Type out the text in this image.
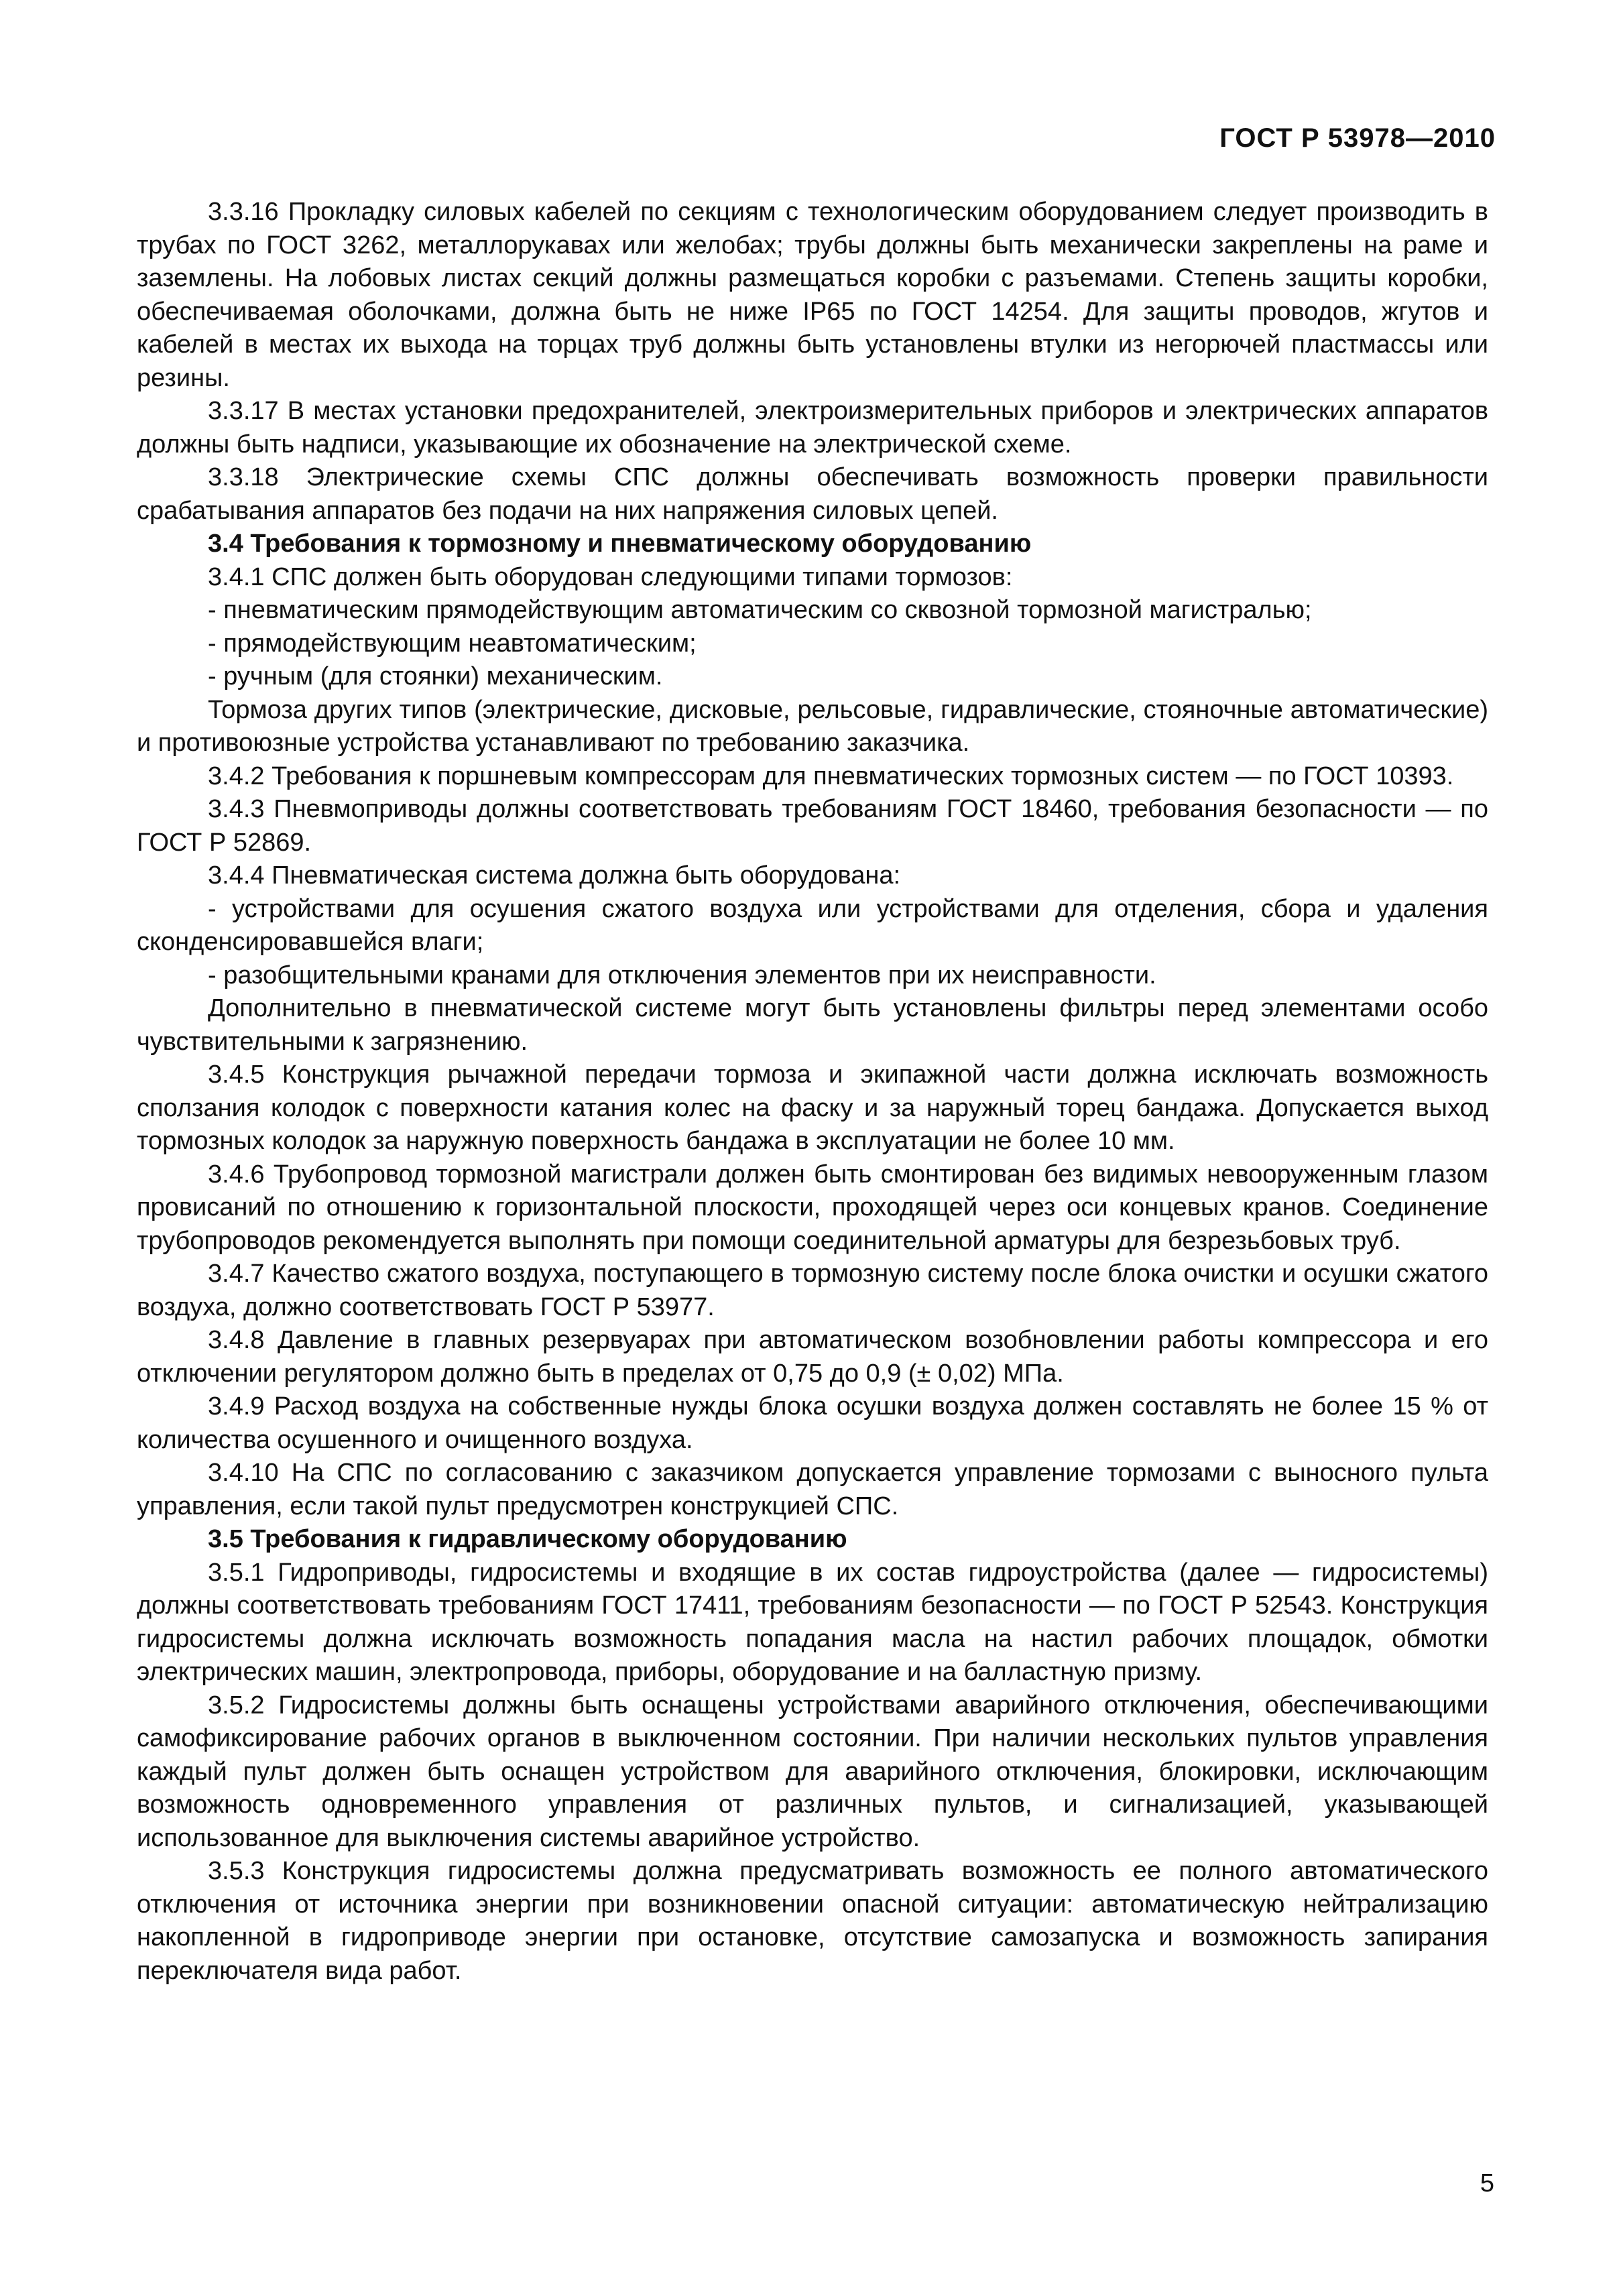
ГОСТ Р 53978—2010

3.3.16 Прокладку силовых кабелей по секциям с технологическим оборудованием следует производить в трубах по ГОСТ 3262, металлорукавах или желобах; трубы должны быть механически закреплены на раме и заземлены. На лобовых листах секций должны размещаться коробки с разъемами. Степень защиты коробки, обеспечиваемая оболочками, должна быть не ниже IP65 по ГОСТ 14254. Для защиты проводов, жгутов и кабелей в местах их выхода на торцах труб должны быть установлены втулки из негорючей пластмассы или резины.

3.3.17 В местах установки предохранителей, электроизмерительных приборов и электрических аппаратов должны быть надписи, указывающие их обозначение на электрической схеме.

3.3.18 Электрические схемы СПС должны обеспечивать возможность проверки правильности срабатывания аппаратов без подачи на них напряжения силовых цепей.

3.4 Требования к тормозному и пневматическому оборудованию

3.4.1 СПС должен быть оборудован следующими типами тормозов:

- пневматическим прямодействующим автоматическим со сквозной тормозной магистралью;

- прямодействующим неавтоматическим;

- ручным (для стоянки) механическим.

Тормоза других типов (электрические, дисковые, рельсовые, гидравлические, стояночные автоматические) и противоюзные устройства устанавливают по требованию заказчика.

3.4.2 Требования к поршневым компрессорам для пневматических тормозных систем — по ГОСТ 10393.

3.4.3 Пневмоприводы должны соответствовать требованиям ГОСТ 18460, требования безопасности — по ГОСТ Р 52869.

3.4.4 Пневматическая система должна быть оборудована:

- устройствами для осушения сжатого воздуха или устройствами для отделения, сбора и удаления сконденсировавшейся влаги;

- разобщительными кранами для отключения элементов при их неисправности.

Дополнительно в пневматической системе могут быть установлены фильтры перед элементами особо чувствительными к загрязнению.

3.4.5 Конструкция рычажной передачи тормоза и экипажной части должна исключать возможность сползания колодок с поверхности катания колес на фаску и за наружный торец бандажа. Допускается выход тормозных колодок за наружную поверхность бандажа в эксплуатации не более 10 мм.

3.4.6 Трубопровод тормозной магистрали должен быть смонтирован без видимых невооруженным глазом провисаний по отношению к горизонтальной плоскости, проходящей через оси концевых кранов. Соединение трубопроводов рекомендуется выполнять при помощи соединительной арматуры для безрезьбовых труб.

3.4.7 Качество сжатого воздуха, поступающего в тормозную систему после блока очистки и осушки сжатого воздуха, должно соответствовать ГОСТ Р 53977.

3.4.8 Давление в главных резервуарах при автоматическом возобновлении работы компрессора и его отключении регулятором должно быть в пределах от 0,75 до 0,9 (± 0,02) МПа.

3.4.9 Расход воздуха на собственные нужды блока осушки воздуха должен составлять не более 15 % от количества осушенного и очищенного воздуха.

3.4.10 На СПС по согласованию с заказчиком допускается управление тормозами с выносного пульта управления, если такой пульт предусмотрен конструкцией СПС.

3.5 Требования к гидравлическому оборудованию

3.5.1 Гидроприводы, гидросистемы и входящие в их состав гидроустройства (далее — гидросистемы) должны соответствовать требованиям ГОСТ 17411, требованиям безопасности — по ГОСТ Р 52543. Конструкция гидросистемы должна исключать возможность попадания масла на настил рабочих площадок, обмотки электрических машин, электропровода, приборы, оборудование и на балластную призму.

3.5.2 Гидросистемы должны быть оснащены устройствами аварийного отключения, обеспечивающими самофиксирование рабочих органов в выключенном состоянии. При наличии нескольких пультов управления каждый пульт должен быть оснащен устройством для аварийного отключения, блокировки, исключающим возможность одновременного управления от различных пультов, и сигнализацией, указывающей использованное для выключения системы аварийное устройство.

3.5.3 Конструкция гидросистемы должна предусматривать возможность ее полного автоматического отключения от источника энергии при возникновении опасной ситуации: автоматическую нейтрализацию накопленной в гидроприводе энергии при остановке, отсутствие самозапуска и возможность запирания переключателя вида работ.

5
